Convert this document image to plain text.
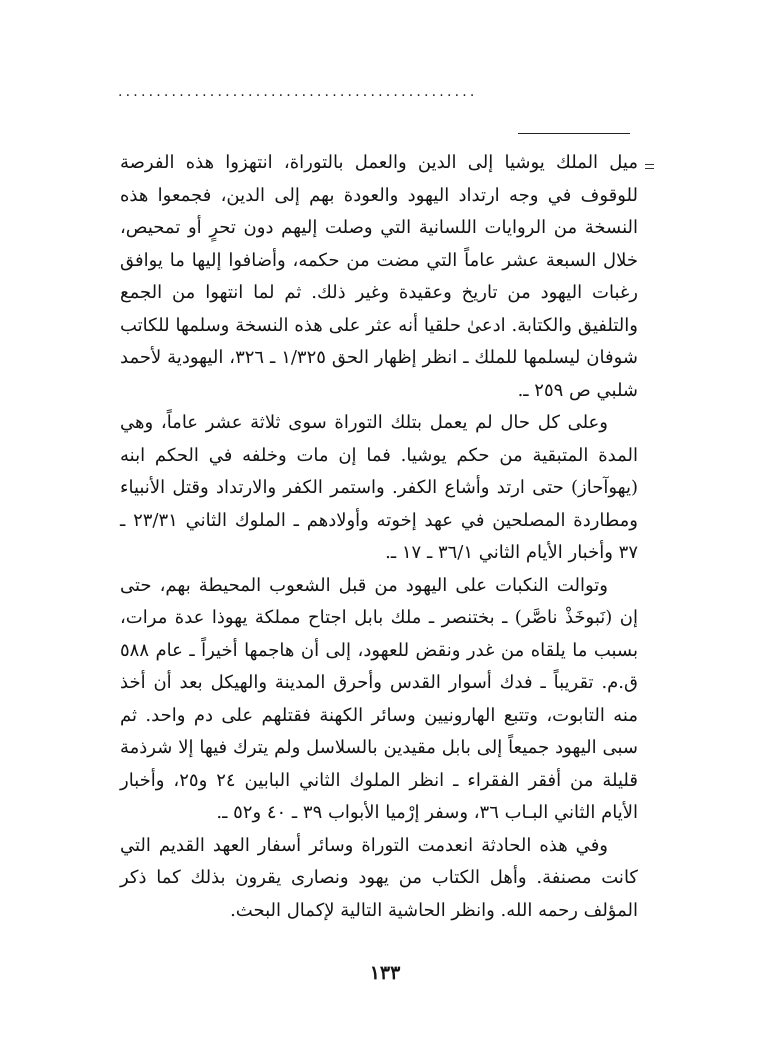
...............................................

ميل الملك يوشيا إلى الدين والعمل بالتوراة، انتهزوا هذه الفرصة للوقوف في وجه ارتداد اليهود والعودة بهم إلى الدين، فجمعوا هذه النسخة من الروايات اللسانية التي وصلت إليهم دون تحرٍ أو تمحيص، خلال السبعة عشر عاماً التي مضت من حكمه، وأضافوا إليها ما يوافق رغبات اليهود من تاريخ وعقيدة وغير ذلك. ثم لما انتهوا من الجمع والتلفيق والكتابة. ادعىٰ حلقيا أنه عثر على هذه النسخة وسلمها للكاتب شوفان ليسلمها للملك ـ انظر إظهار الحق ١/٣٢٥ ـ ٣٢٦، اليهودية لأحمد شلبي ص ٢٥٩ ـ.

وعلى كل حال لم يعمل بتلك التوراة سوى ثلاثة عشر عاماً، وهي المدة المتبقية من حكم يوشيا. فما إن مات وخلفه في الحكم ابنه (يهوآحاز) حتى ارتد وأشاع الكفر. واستمر الكفر والارتداد وقتل الأنبياء ومطاردة المصلحين في عهد إخوته وأولادهم ـ الملوك الثاني ٢٣/٣١ ـ ٣٧ وأخبار الأيام الثاني ٣٦/١ ـ ١٧ ـ.

وتوالت النكبات على اليهود من قبل الشعوب المحيطة بهم، حتى إن (نَبوخَذْ ناصَّر) ـ بختنصر ـ ملك بابل اجتاح مملكة يهوذا عدة مرات، بسبب ما يلقاه من غدر ونقض للعهود، إلى أن هاجمها أخيراً ـ عام ٥٨٨ ق.م. تقريباً ـ فدك أسوار القدس وأحرق المدينة والهيكل بعد أن أخذ منه التابوت، وتتبع الهارونيين وسائر الكهنة فقتلهم على دم واحد. ثم سبى اليهود جميعاً إلى بابل مقيدين بالسلاسل ولم يترك فيها إلا شرذمة قليلة من أفقر الفقراء ـ انظر الملوك الثاني البابين ٢٤ و٢٥، وأخبار الأيام الثاني البـاب ٣٦، وسفر إرْميا الأبواب ٣٩ ـ ٤٠ و٥٢ ـ.

وفي هذه الحادثة انعدمت التوراة وسائر أسفار العهد القديم التي كانت مصنفة. وأهل الكتاب من يهود ونصارى يقرون بذلك كما ذكر المؤلف رحمه الله. وانظر الحاشية التالية لإكمال البحث.

١٣٣
